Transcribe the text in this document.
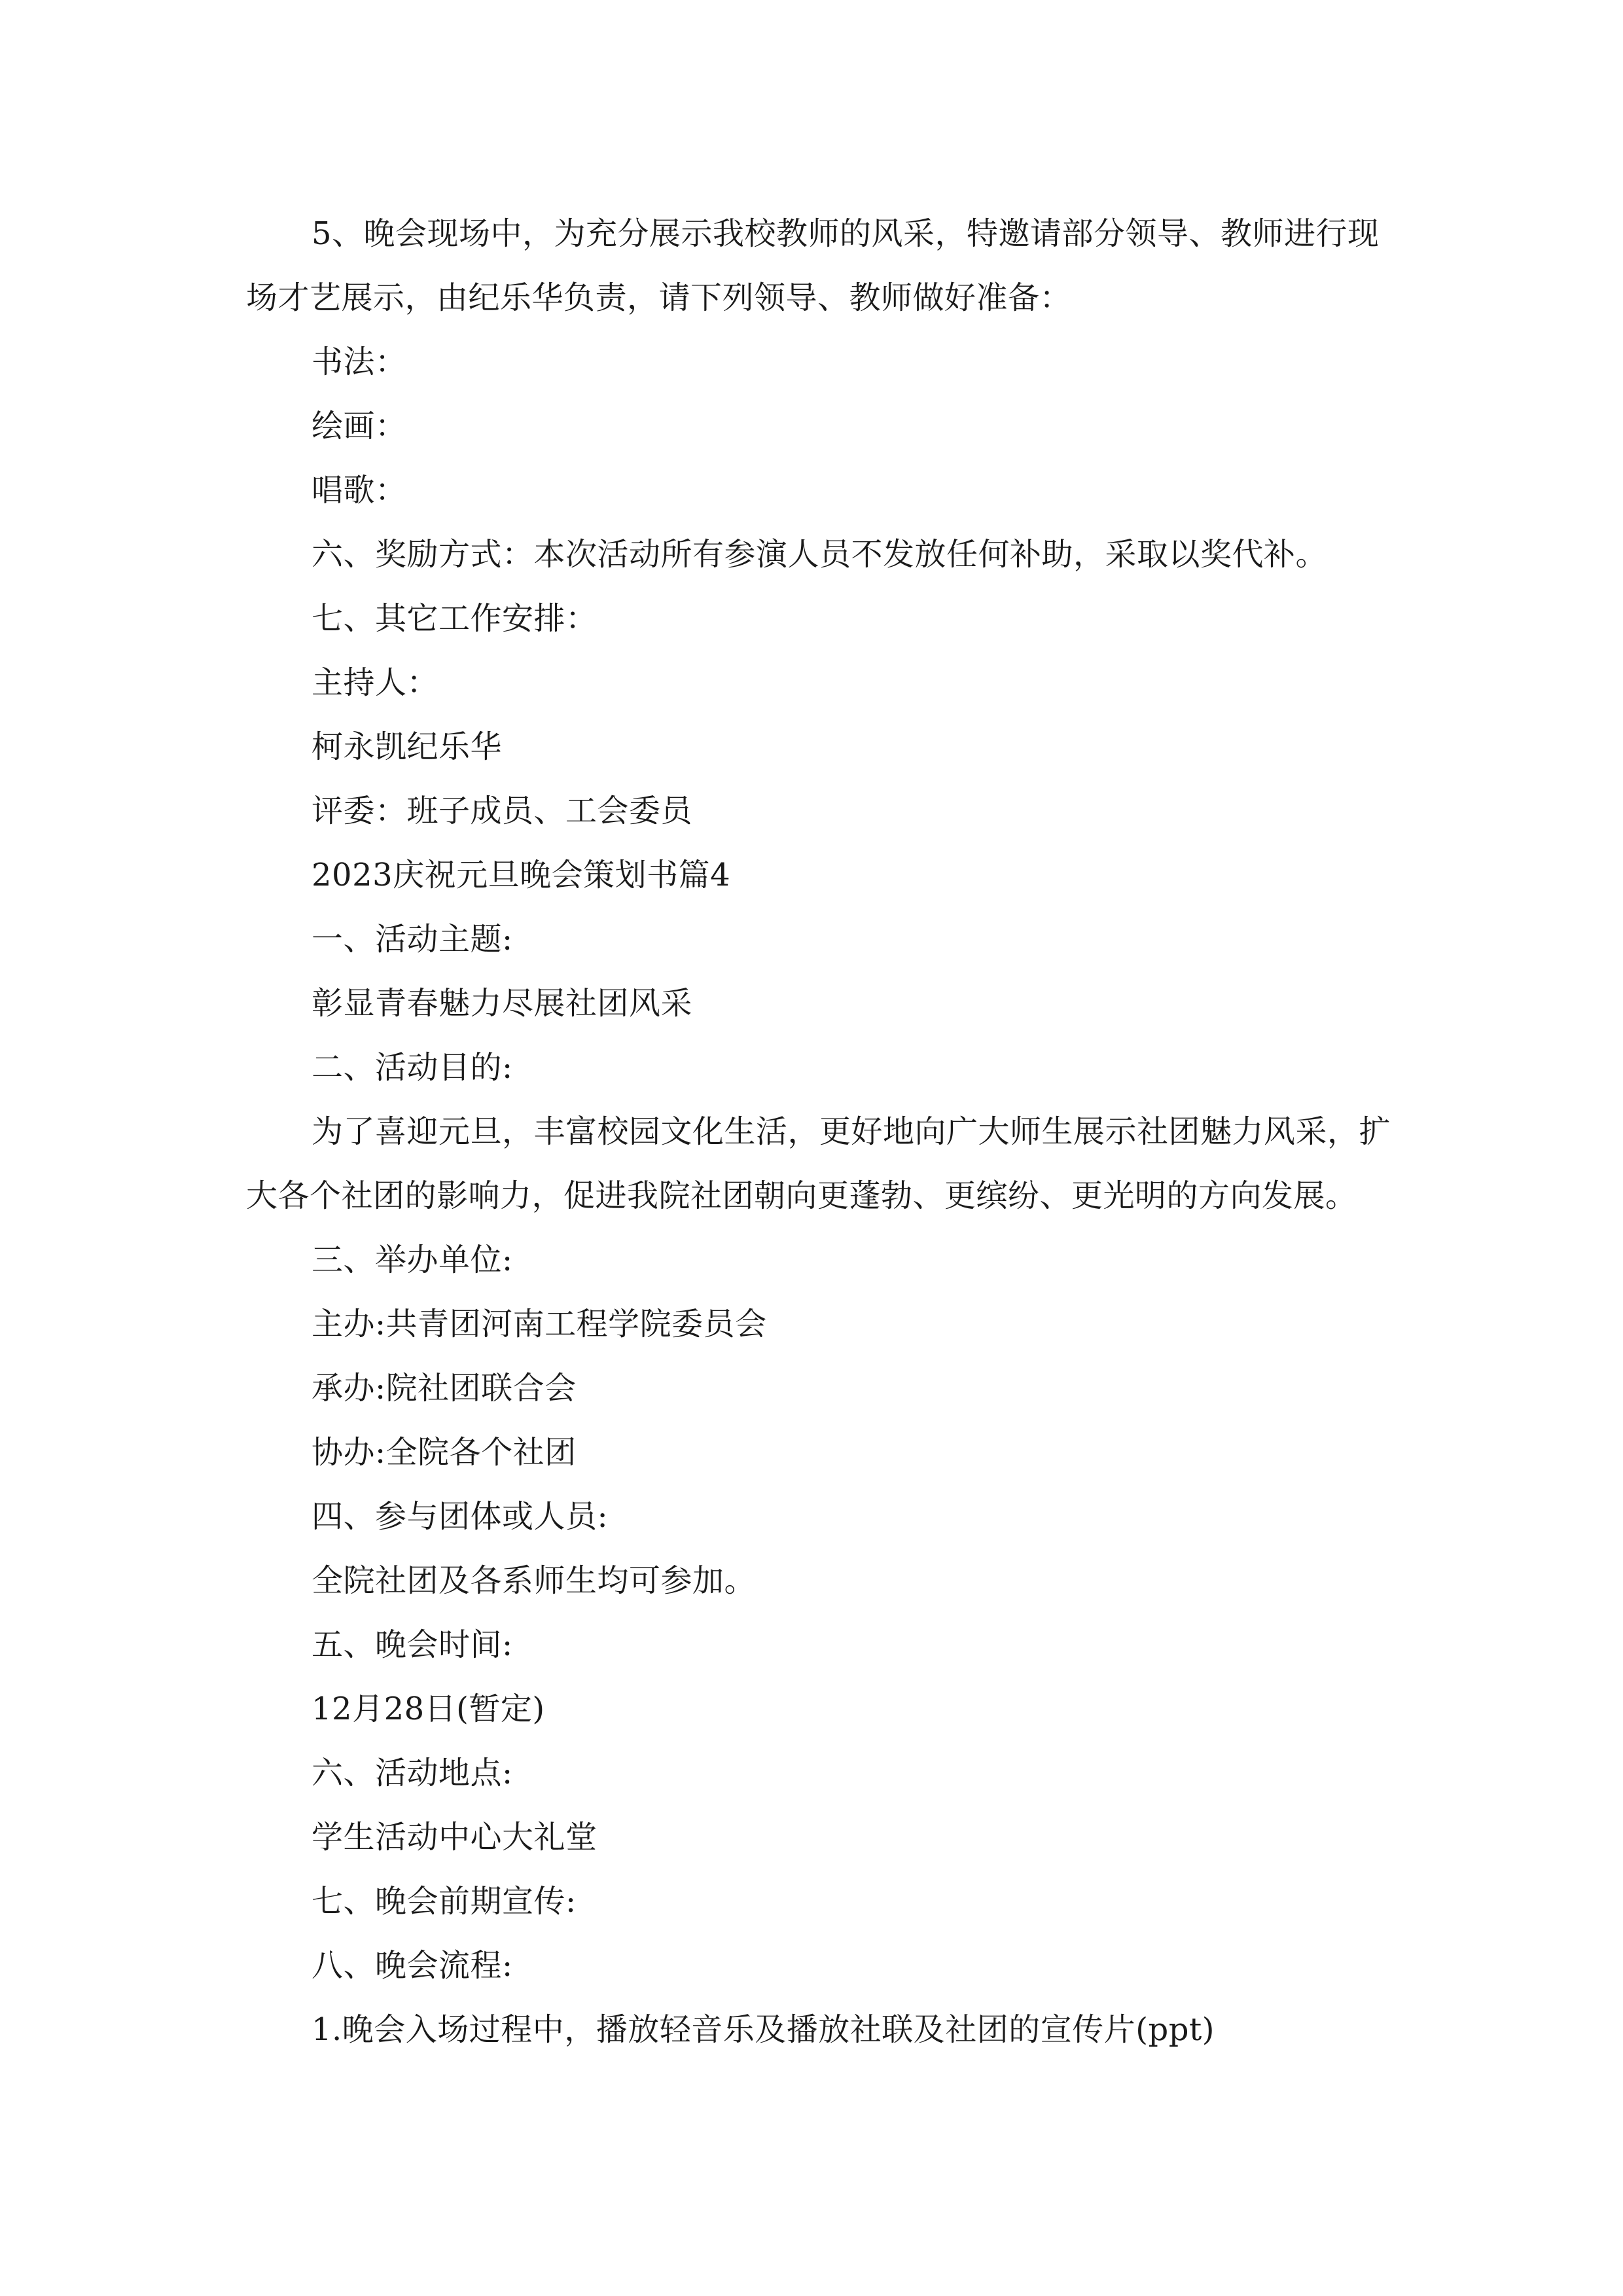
5、晚会现场中，为充分展示我校教师的风采，特邀请部分领导、教师进行现场才艺展示，由纪乐华负责，请下列领导、教师做好准备：

书法：

绘画：

唱歌：

六、奖励方式：本次活动所有参演人员不发放任何补助，采取以奖代补。

七、其它工作安排：

主持人：

柯永凯纪乐华

评委：班子成员、工会委员

2023庆祝元旦晚会策划书篇4

一、活动主题:

彰显青春魅力尽展社团风采

二、活动目的:

为了喜迎元旦，丰富校园文化生活，更好地向广大师生展示社团魅力风采，扩大各个社团的影响力，促进我院社团朝向更蓬勃、更缤纷、更光明的方向发展。

三、举办单位:

主办:共青团河南工程学院委员会

承办:院社团联合会

协办:全院各个社团

四、参与团体或人员:

全院社团及各系师生均可参加。

五、晚会时间:

12月28日(暂定)

六、活动地点:

学生活动中心大礼堂

七、晚会前期宣传:

八、晚会流程:

1.晚会入场过程中，播放轻音乐及播放社联及社团的宣传片(ppt)
